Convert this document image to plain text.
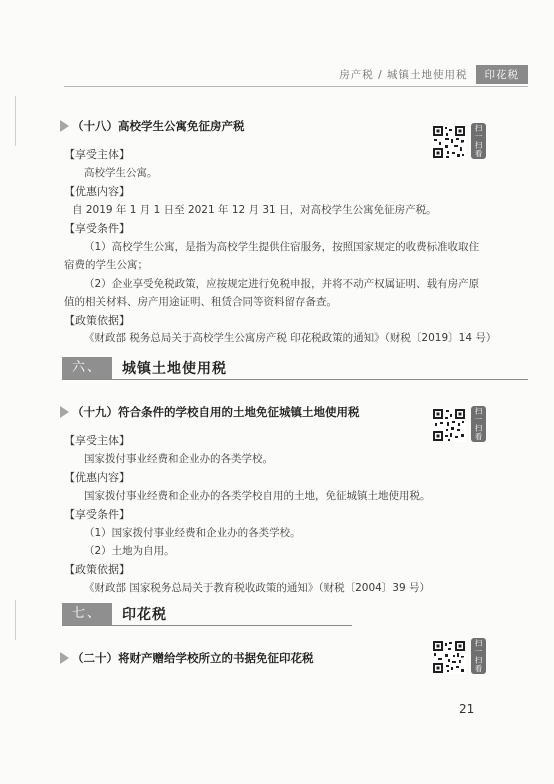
房产税 / 城镇土地使用税	印花税
（十八）高校学生公寓免征房产税	扫一扫看一看
【享受主体】
高校学生公寓。
【优惠内容】
自 2019 年 1 月 1 日至 2021 年 12 月 31 日，对高校学生公寓免征房产税。
【享受条件】
（1）高校学生公寓，是指为高校学生提供住宿服务，按照国家规定的收费标准收取住
宿费的学生公寓；
（2）企业享受免税政策，应按规定进行免税申报，并将不动产权属证明、载有房产原
值的相关材料、房产用途证明、租赁合同等资料留存备查。
【政策依据】
《财政部 税务总局关于高校学生公寓房产税 印花税政策的通知》（财税〔2019〕14 号）
六、	城镇土地使用税
（十九）符合条件的学校自用的土地免征城镇土地使用税	扫一扫看一看
【享受主体】
国家拨付事业经费和企业办的各类学校。
【优惠内容】
国家拨付事业经费和企业办的各类学校自用的土地，免征城镇土地使用税。
【享受条件】
（1）国家拨付事业经费和企业办的各类学校。
（2）土地为自用。
【政策依据】
《财政部 国家税务总局关于教育税收政策的通知》（财税〔2004〕39 号）
七、	印花税
（二十）将财产赠给学校所立的书据免征印花税	扫一扫看一看
21
